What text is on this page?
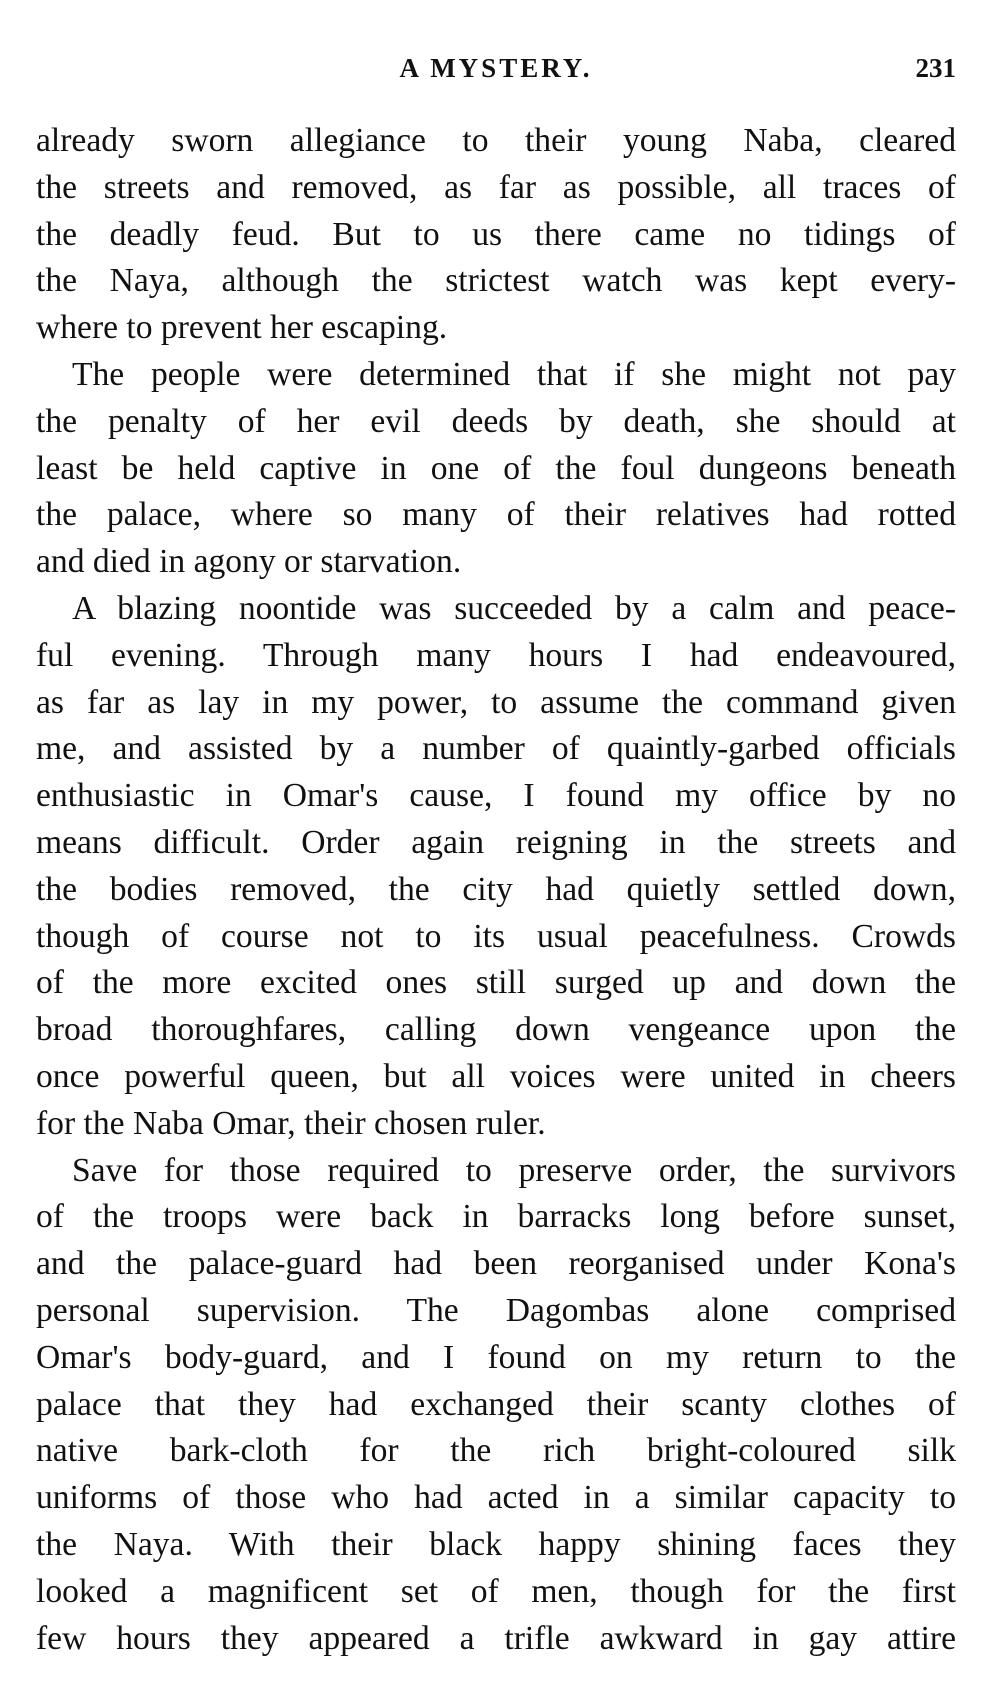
A MYSTERY.	231

already sworn allegiance to their young Naba, cleared
the streets and removed, as far as possible, all traces of
the deadly feud. But to us there came no tidings of
the Naya, although the strictest watch was kept every-
where to prevent her escaping.

The people were determined that if she might not pay
the penalty of her evil deeds by death, she should at
least be held captive in one of the foul dungeons beneath
the palace, where so many of their relatives had rotted
and died in agony or starvation.

A blazing noontide was succeeded by a calm and peace-
ful evening. Through many hours I had endeavoured,
as far as lay in my power, to assume the command given
me, and assisted by a number of quaintly-garbed officials
enthusiastic in Omar's cause, I found my office by no
means difficult. Order again reigning in the streets and
the bodies removed, the city had quietly settled down,
though of course not to its usual peacefulness. Crowds
of the more excited ones still surged up and down the
broad thoroughfares, calling down vengeance upon the
once powerful queen, but all voices were united in cheers
for the Naba Omar, their chosen ruler.

Save for those required to preserve order, the survivors
of the troops were back in barracks long before sunset,
and the palace-guard had been reorganised under Kona's
personal supervision. The Dagombas alone comprised
Omar's body-guard, and I found on my return to the
palace that they had exchanged their scanty clothes of
native bark-cloth for the rich bright-coloured silk
uniforms of those who had acted in a similar capacity to
the Naya. With their black happy shining faces they
looked a magnificent set of men, though for the first
few hours they appeared a trifle awkward in gay attire
